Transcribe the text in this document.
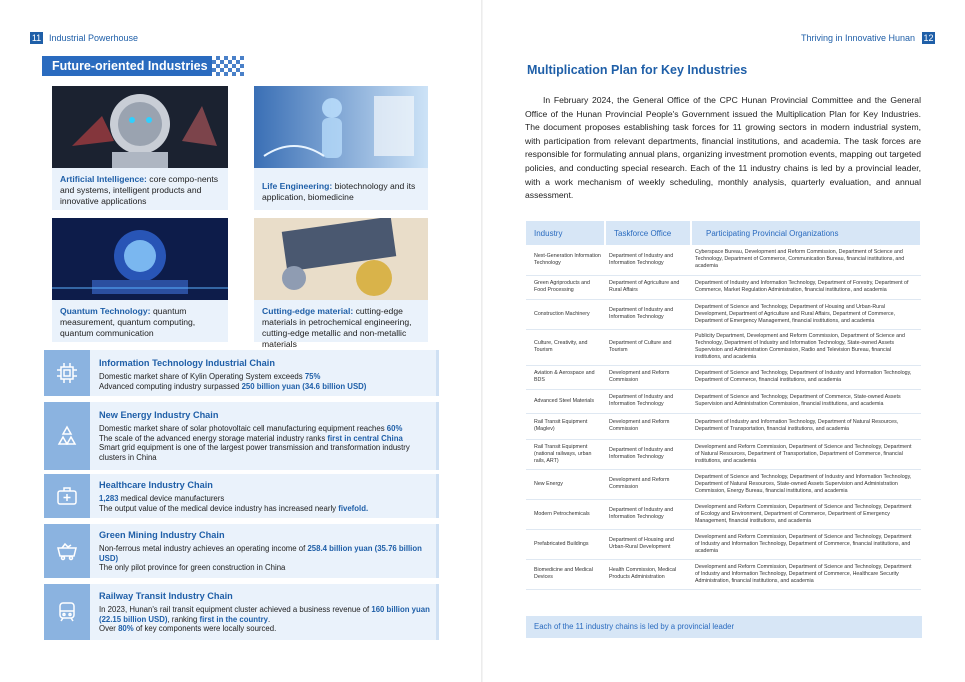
11 Industrial Powerhouse
Future-oriented Industries
Artificial Intelligence: core compo-nents and systems, intelligent products and innovative applications
Life Engineering: biotechnology and its application, biomedicine
Quantum Technology: quantum measurement, quantum computing, quantum communication
Cutting-edge material: cutting-edge materials in petrochemical engineering, cutting-edge metallic and non-metallic materials
Information Technology Industrial Chain
Domestic market share of Kylin Operating System exceeds 75%
Advanced computing industry surpassed 250 billion yuan (34.6 billion USD)
New Energy Industry Chain
Domestic market share of solar photovoltaic cell manufacturing equipment reaches 60%
The scale of the advanced energy storage material industry ranks first in central China
Smart grid equipment is one of the largest power transmission and transformation industry clusters in China
Healthcare Industry Chain
1,283 medical device manufacturers
The output value of the medical device industry has increased nearly fivefold.
Green Mining Industry Chain
Non-ferrous metal industry achieves an operating income of 258.4 billion yuan (35.76 billion USD)
The only pilot province for green construction in China
Railway Transit Industry Chain
In 2023, Hunan's rail transit equipment cluster achieved a business revenue of 160 billion yuan (22.15 billion USD), ranking first in the country.
Over 80% of key components were locally sourced.
Thriving in Innovative Hunan 12
Multiplication Plan for Key Industries
In February 2024, the General Office of the CPC Hunan Provincial Committee and the General Office of the Hunan Provincial People's Government issued the Multiplication Plan for Key Industries. The document proposes establishing task forces for 11 growing sectors in modern industrial system, with participation from relevant departments, financial institutions, and academia. The task forces are responsible for formulating annual plans, organizing investment promotion events, mapping out targeted policies, and conducting special research. Each of the 11 industry chains is led by a provincial leader, with a work mechanism of weekly scheduling, monthly analysis, quarterly evaluation, and annual assessment.
Industry	Taskforce Office	Participating Provincial Organizations
Next-Generation Information Technology	Department of Industry and Information Technology	Cyberspace Bureau, Development and Reform Commission, Department of Science and Technology, Department of Commerce, Communication Bureau, financial institutions, and academia
Green Agriproducts and Food Processing	Department of Agriculture and Rural Affairs	Department of Industry and Information Technology, Department of Forestry, Department of Commerce, Market Regulation Administration, financial institutions, and academia
Construction Machinery	Department of Industry and Information Technology	Department of Science and Technology, Department of Housing and Urban-Rural Development, Department of Agriculture and Rural Affairs, Department of Commerce, Department of Emergency Management, financial institutions, and academia
Culture, Creativity, and Tourism	Department of Culture and Tourism	Publicity Department, Development and Reform Commission, Department of Science and Technology, Department of Industry and Information Technology, State-owned Assets Supervision and Administration Commission, Radio and Television Bureau, financial institutions, and academia
Aviation & Aerospace and BDS	Development and Reform Commission	Department of Science and Technology, Department of Industry and Information Technology, Department of Commerce, financial institutions, and academia
Advanced Steel Materials	Department of Industry and Information Technology	Department of Science and Technology, Department of Commerce, State-owned Assets Supervision and Administration Commission, financial institutions, and academia
Rail Transit Equipment (Maglev)	Development and Reform Commission	Department of Industry and Information Technology, Department of Natural Resources, Department of Transportation, financial institutions, and academia
Rail Transit Equipment (national railways, urban rails, ART)	Department of Industry and Information Technology	Development and Reform Commission, Department of Science and Technology, Department of Natural Resources, Department of Transportation, Department of Commerce, financial institutions, and academia
New Energy	Development and Reform Commission	Department of Science and Technology, Department of Industry and Information Technology, Department of Natural Resources, State-owned Assets Supervision and Administration Commission, Energy Bureau, financial institutions, and academia
Modern Petrochemicals	Department of Industry and Information Technology	Development and Reform Commission, Department of Science and Technology, Department of Ecology and Environment, Department of Commerce, Department of Emergency Management, financial institutions, and academia
Prefabricated Buildings	Department of Housing and Urban-Rural Development	Development and Reform Commission, Department of Science and Technology, Department of Industry and Information Technology, Department of Commerce, financial institutions, and academia
Biomedicine and Medical Devices	Health Commission, Medical Products Administration	Development and Reform Commission, Department of Science and Technology, Department of Industry and Information Technology, Department of Commerce, Healthcare Security Administration, financial institutions, and academia
Each of the 11 industry chains is led by a provincial leader
